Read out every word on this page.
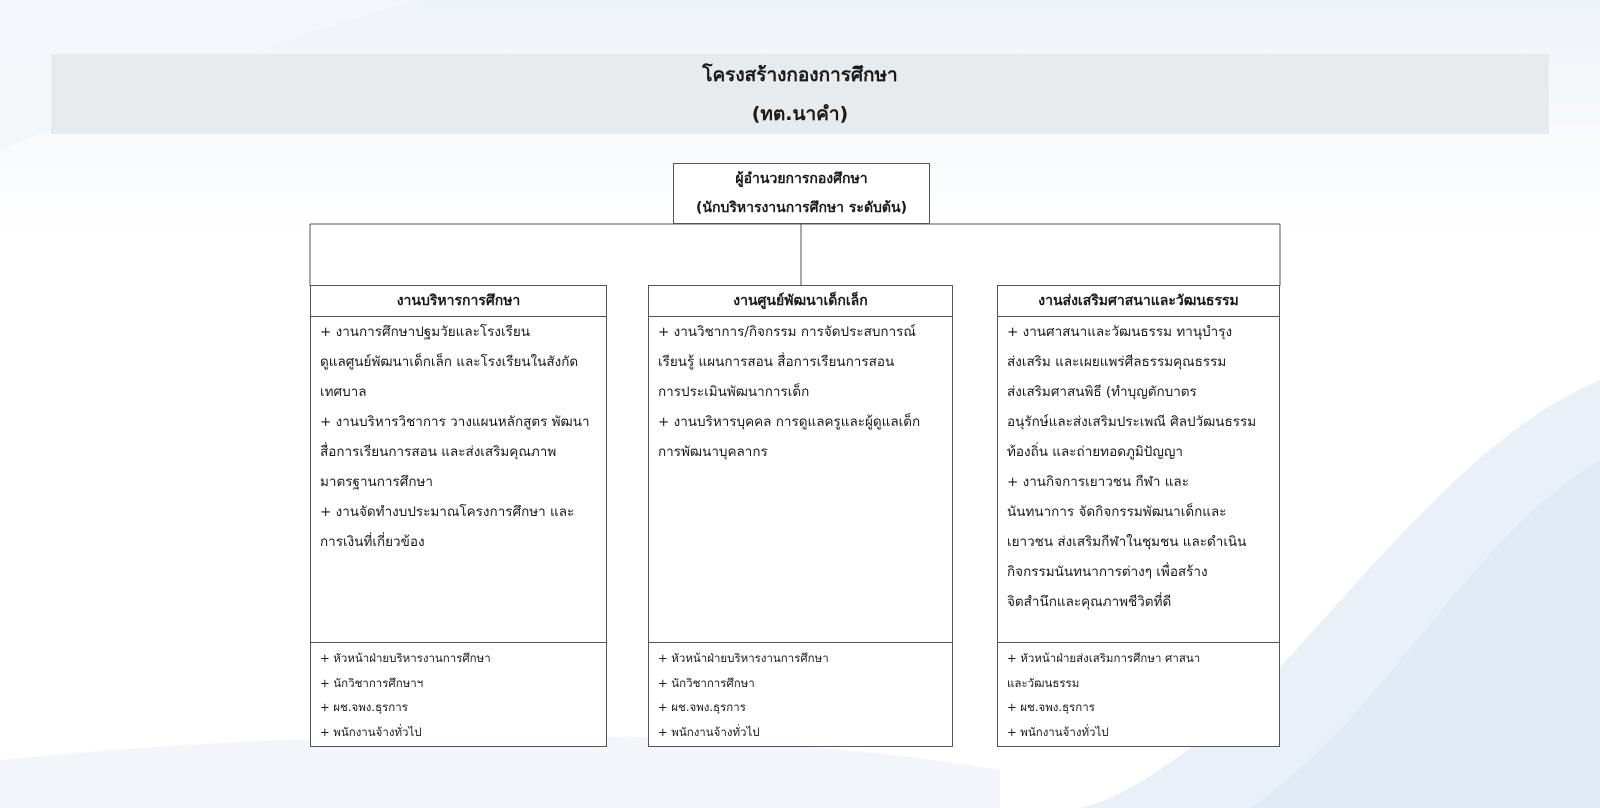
โครงสร้างกองการศึกษา
(ทต.นาคำ)
ผู้อำนวยการกองศึกษา
(นักบริหารงานการศึกษา ระดับต้น)
งานบริหารการศึกษา
+ งานการศึกษาปฐมวัยและโรงเรียน
ดูแลศูนย์พัฒนาเด็กเล็ก และโรงเรียนในสังกัด
เทศบาล
+ งานบริหารวิชาการ วางแผนหลักสูตร พัฒนา
สื่อการเรียนการสอน และส่งเสริมคุณภาพ
มาตรฐานการศึกษา
+ งานจัดทำงบประมาณโครงการศึกษา และ
การเงินที่เกี่ยวข้อง
+ หัวหน้าฝ่ายบริหารงานการศึกษา
+ นักวิชาการศึกษาฯ
+ ผช.จพง.ธุรการ
+ พนักงานจ้างทั่วไป
งานศูนย์พัฒนาเด็กเล็ก
+ งานวิชาการ/กิจกรรม การจัดประสบการณ์
เรียนรู้ แผนการสอน สื่อการเรียนการสอน
การประเมินพัฒนาการเด็ก
+ งานบริหารบุคคล การดูแลครูและผู้ดูแลเด็ก
การพัฒนาบุคลากร
+ หัวหน้าฝ่ายบริหารงานการศึกษา
+ นักวิชาการศึกษา
+ ผช.จพง.ธุรการ
+ พนักงานจ้างทั่วไป
งานส่งเสริมศาสนาและวัฒนธรรม
+ งานศาสนาและวัฒนธรรม ทานุบำรุง
ส่งเสริม และเผยแพร่ศีลธรรมคุณธรรม
ส่งเสริมศาสนพิธี (ทำบุญตักบาตร
อนุรักษ์และส่งเสริมประเพณี ศิลปวัฒนธรรม
ท้องถิ่น และถ่ายทอดภูมิปัญญา
+ งานกิจการเยาวชน กีฬา และ
นันทนาการ จัดกิจกรรมพัฒนาเด็กและ
เยาวชน ส่งเสริมกีฬาในชุมชน และดำเนิน
กิจกรรมนันทนาการต่างๆ เพื่อสร้าง
จิตสำนึกและคุณภาพชีวิตที่ดี
+ หัวหน้าฝ่ายส่งเสริมการศึกษา ศาสนา
และวัฒนธรรม
+ ผช.จพง.ธุรการ
+ พนักงานจ้างทั่วไป
